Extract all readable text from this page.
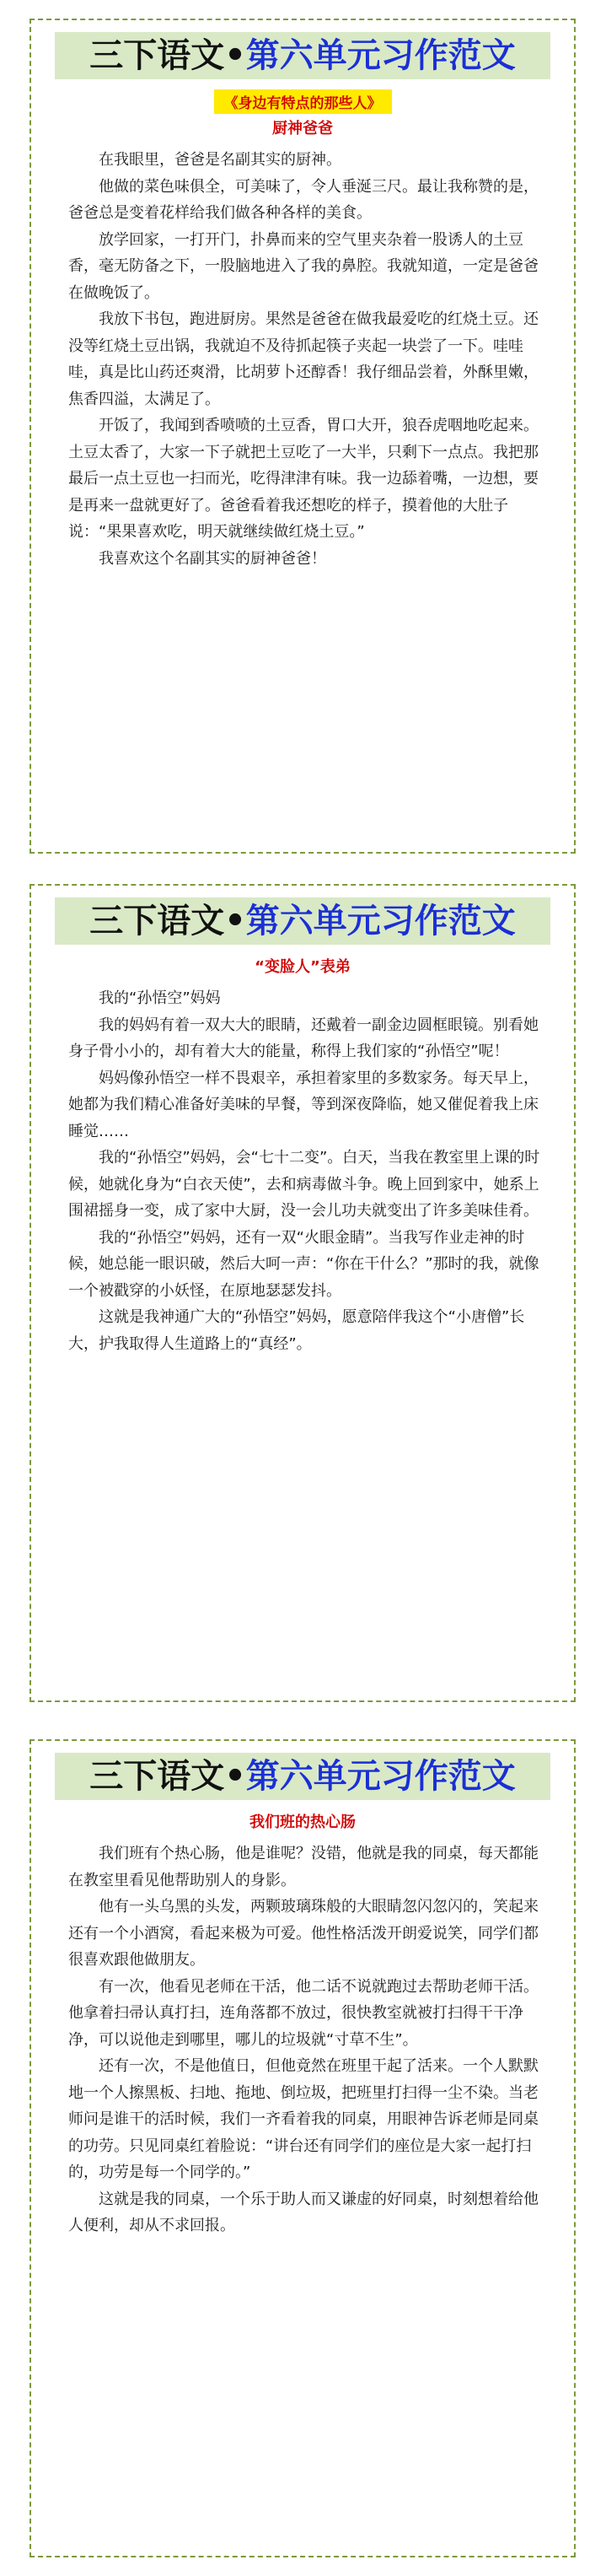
三下语文•第六单元习作范文
《身边有特点的那些人》
厨神爸爸

在我眼里，爸爸是名副其实的厨神。

他做的菜色味俱全，可美味了，令人垂涎三尺。最让我称赞的是，爸爸总是变着花样给我们做各种各样的美食。

放学回家，一打开门，扑鼻而来的空气里夹杂着一股诱人的土豆香，毫无防备之下，一股脑地进入了我的鼻腔。我就知道，一定是爸爸在做晚饭了。

我放下书包，跑进厨房。果然是爸爸在做我最爱吃的红烧土豆。还没等红烧土豆出锅，我就迫不及待抓起筷子夹起一块尝了一下。哇哇哇，真是比山药还爽滑，比胡萝卜还醇香！我仔细品尝着，外酥里嫩，焦香四溢，太满足了。

开饭了，我闻到香喷喷的土豆香，胃口大开，狼吞虎咽地吃起来。土豆太香了，大家一下子就把土豆吃了一大半，只剩下一点点。我把那最后一点土豆也一扫而光，吃得津津有味。我一边舔着嘴，一边想，要是再来一盘就更好了。爸爸看着我还想吃的样子，摸着他的大肚子说：“果果喜欢吃，明天就继续做红烧土豆。”

我喜欢这个名副其实的厨神爸爸！

三下语文•第六单元习作范文
“变脸人”表弟

我的“孙悟空”妈妈

我的妈妈有着一双大大的眼睛，还戴着一副金边圆框眼镜。别看她身子骨小小的，却有着大大的能量，称得上我们家的“孙悟空”呢！

妈妈像孙悟空一样不畏艰辛，承担着家里的多数家务。每天早上，她都为我们精心准备好美味的早餐，等到深夜降临，她又催促着我上床睡觉……

我的“孙悟空”妈妈，会“七十二变”。白天，当我在教室里上课的时候，她就化身为“白衣天使”，去和病毒做斗争。晚上回到家中，她系上围裙摇身一变，成了家中大厨，没一会儿功夫就变出了许多美味佳肴。

我的“孙悟空”妈妈，还有一双“火眼金睛”。当我写作业走神的时候，她总能一眼识破，然后大呵一声：“你在干什么？”那时的我，就像一个被戳穿的小妖怪，在原地瑟瑟发抖。

这就是我神通广大的“孙悟空”妈妈，愿意陪伴我这个“小唐僧”长大，护我取得人生道路上的“真经”。

三下语文•第六单元习作范文
我们班的热心肠

我们班有个热心肠，他是谁呢？没错，他就是我的同桌，每天都能在教室里看见他帮助别人的身影。

他有一头乌黑的头发，两颗玻璃珠般的大眼睛忽闪忽闪的，笑起来还有一个小酒窝，看起来极为可爱。他性格活泼开朗爱说笑，同学们都很喜欢跟他做朋友。

有一次，他看见老师在干活，他二话不说就跑过去帮助老师干活。他拿着扫帚认真打扫，连角落都不放过，很快教室就被打扫得干干净净，可以说他走到哪里，哪儿的垃圾就“寸草不生”。

还有一次，不是他值日，但他竟然在班里干起了活来。一个人默默地一个人擦黑板、扫地、拖地、倒垃圾，把班里打扫得一尘不染。当老师问是谁干的活时候，我们一齐看着我的同桌，用眼神告诉老师是同桌的功劳。只见同桌红着脸说：“讲台还有同学们的座位是大家一起打扫的，功劳是每一个同学的。”

这就是我的同桌，一个乐于助人而又谦虚的好同桌，时刻想着给他人便利，却从不求回报。
